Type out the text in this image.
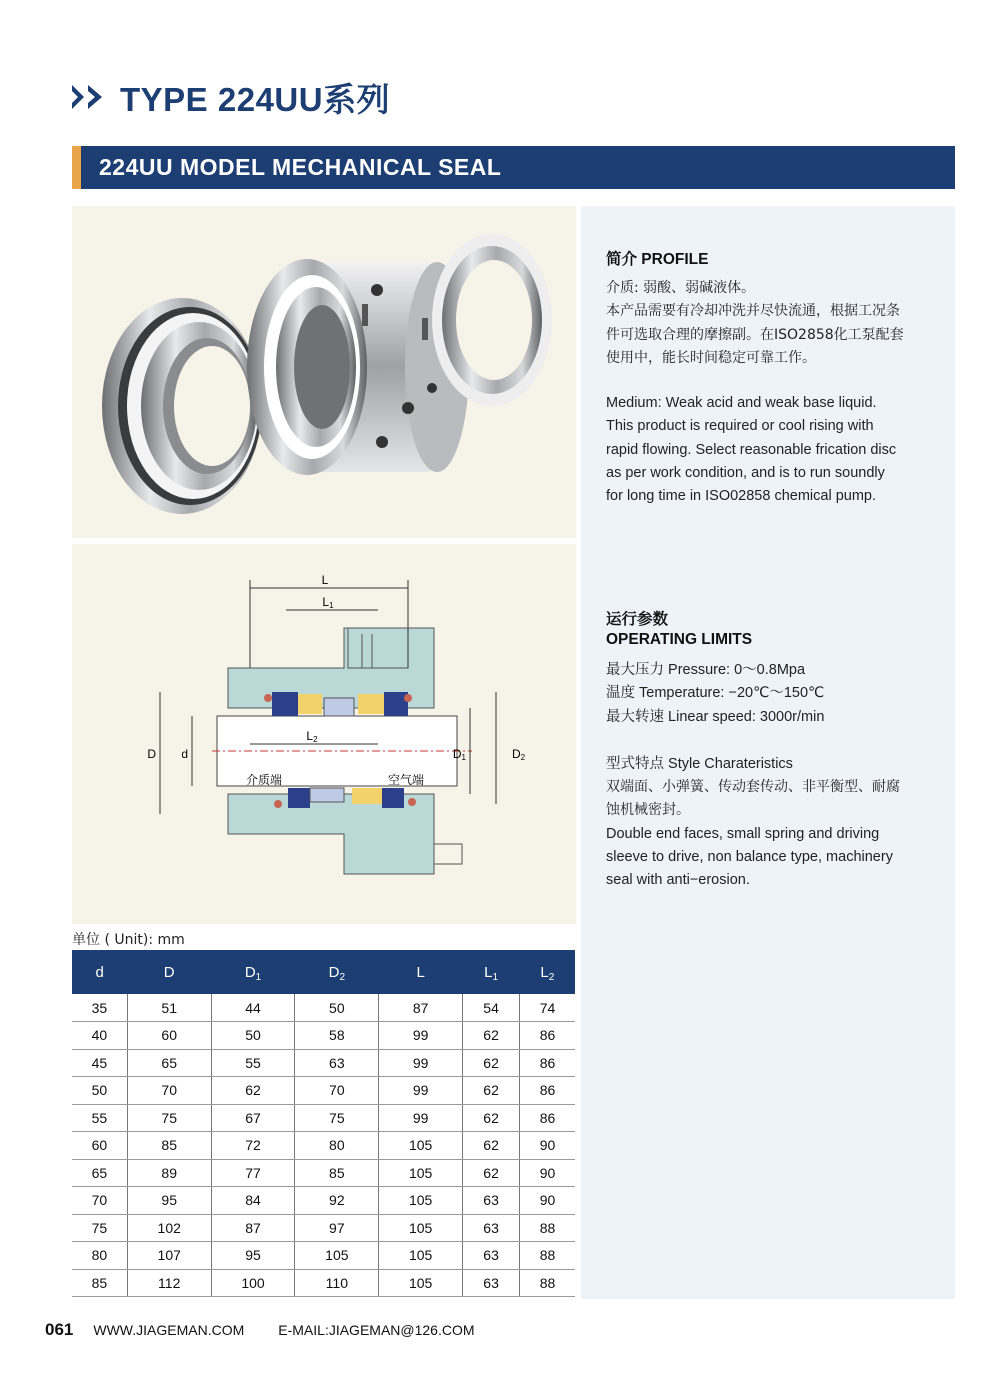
TYPE 224UU系列
224UU MODEL MECHANICAL SEAL
L
L1
L2
D d	D1	D2
介质端	空气端
简介 PROFILE
介质: 弱酸、弱碱液体。
本产品需要有冷却冲洗并尽快流通，根据工况条
件可选取合理的摩擦副。在ISO2858化工泵配套
使用中，能长时间稳定可靠工作。
Medium: Weak acid and weak base liquid.
This product is required or cool rising with
rapid flowing. Select reasonable frication disc
as per work condition, and is to run soundly
for long time in ISO02858 chemical pump.
运行参数
OPERATING LIMITS
最大压力 Pressure: 0～0.8Mpa
温度 Temperature: −20℃～150℃
最大转速 Linear speed: 3000r/min
型式特点 Style Charateristics
双端面、小弹簧、传动套传动、非平衡型、耐腐
蚀机械密封。
Double end faces, small spring and driving
sleeve to drive, non balance type, machinery
seal with anti−erosion.
单位 ( Unit): mm
d	D	$D_1$	$D_2$	L	$L_1$	$L_2$
35	51	44	50	87	54	74
40	60	50	58	99	62	86
45	65	55	63	99	62	86
50	70	62	70	99	62	86
55	75	67	75	99	62	86
60	85	72	80	105	62	90
65	89	77	85	105	62	90
70	95	84	92	105	63	90
75	102	87	97	105	63	88
80	107	95	105	105	63	88
85	112	100	110	105	63	88
061 WWW.JIAGEMAN.COM E-MAIL:JIAGEMAN@126.COM
